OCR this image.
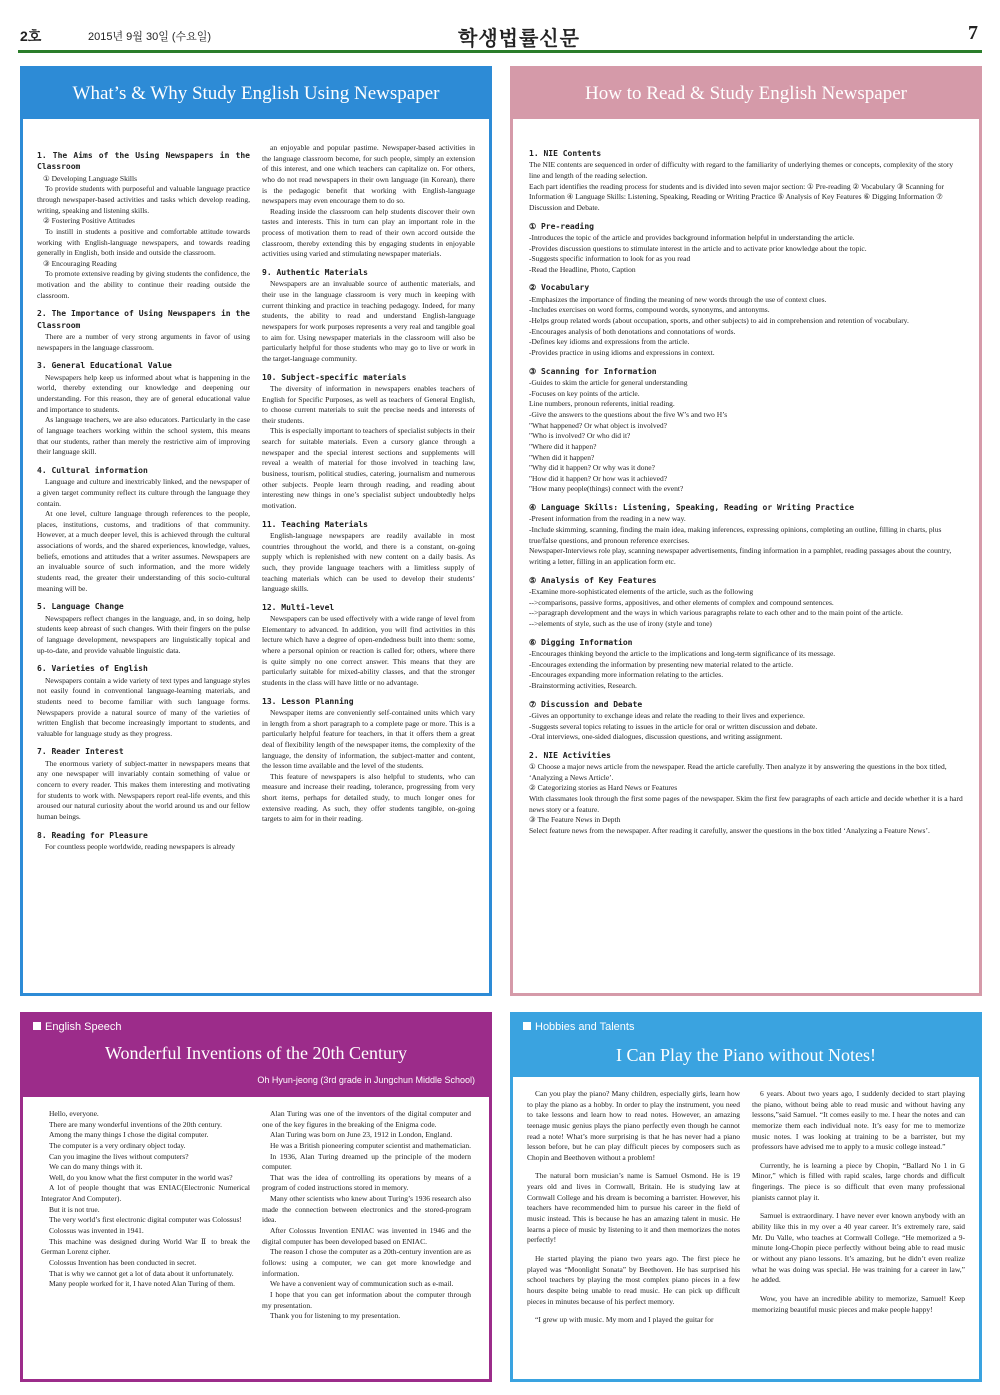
2호	2015년 9월 30일 (수요일)	학생법률신문	7
What’s & Why Study English Using Newspaper
1. The Aims of the Using Newspapers in the Classroom

① Developing Language Skills

To provide students with purposeful and valuable language practice through newspaper-based activities and tasks which develop reading, writing, speaking and listening skills.

② Fostering Positive Attitudes

To instill in students a positive and comfortable attitude towards working with English-language newspapers, and towards reading generally in English, both inside and outside the classroom.

③ Encouraging Reading

To promote extensive reading by giving students the confidence, the motivation and the ability to continue their reading outside the classroom.

2. The Importance of Using Newspapers in the Classroom

There are a number of very strong arguments in favor of using newspapers in the language classroom.

3. General Educational Value

Newspapers help keep us informed about what is happening in the world, thereby extending our knowledge and deepening our understanding. For this reason, they are of general educational value and importance to students.

As language teachers, we are also educators. Particularly in the case of language teachers working within the school system, this means that our students, rather than merely the restrictive aim of improving their language skill.

4. Cultural information

Language and culture and inextricably linked, and the newspaper of a given target community reflect its culture through the language they contain.

At one level, culture language through references to the people, places, institutions, customs, and traditions of that community. However, at a much deeper level, this is achieved through the cultural associations of words, and the shared experiences, knowledge, values, beliefs, emotions and attitudes that a writer assumes. Newspapers are an invaluable source of such information, and the more widely students read, the greater their understanding of this socio-cultural meaning will be.

5. Language Change

Newspapers reflect changes in the language, and, in so doing, help students keep abreast of such changes. With their fingers on the pulse of language development, newspapers are linguistically topical and up-to-date, and provide valuable linguistic data.

6. Varieties of English

Newspapers contain a wide variety of text types and language styles not easily found in conventional language-learning materials, and students need to become familiar with such language forms. Newspapers provide a natural source of many of the varieties of written English that become increasingly important to students, and valuable for language study as they progress.

7. Reader Interest

The enormous variety of subject-matter in newspapers means that any one newspaper will invariably contain something of value or concern to every reader. This makes them interesting and motivating for students to work with. Newspapers report real-life events, and this aroused our natural curiosity about the world around us and our fellow human beings.

8. Reading for Pleasure

For countless people worldwide, reading newspapers is already

an enjoyable and popular pastime. Newspaper-based activities in the language classroom become, for such people, simply an extension of this interest, and one which teachers can capitalize on. For others, who do not read newspapers in their own language (in Korean), there is the pedagogic benefit that working with English-language newspapers may even encourage them to do so.

Reading inside the classroom can help students discover their own tastes and interests. This in turn can play an important role in the process of motivation them to read of their own accord outside the classroom, thereby extending this by engaging students in enjoyable activities using varied and stimulating newspaper materials.

9. Authentic Materials

Newspapers are an invaluable source of authentic materials, and their use in the language classroom is very much in keeping with current thinking and practice in teaching pedagogy. Indeed, for many students, the ability to read and understand English-language newspapers for work purposes represents a very real and tangible goal to aim for. Using newspaper materials in the classroom will also be particularly helpful for those students who may go to live or work in the target-language community.

10. Subject-specific materials

The diversity of information in newspapers enables teachers of English for Specific Purposes, as well as teachers of General English, to choose current materials to suit the precise needs and interests of their students.

This is especially important to teachers of specialist subjects in their search for suitable materials. Even a cursory glance through a newspaper and the special interest sections and supplements will reveal a wealth of material for those involved in teaching law, business, tourism, political studies, catering, journalism and numerous other subjects. People learn through reading, and reading about interesting new things in one’s specialist subject undoubtedly helps motivation.

11. Teaching Materials

English-language newspapers are readily available in most countries throughout the world, and there is a constant, on-going supply which is replenished with new content on a daily basis. As such, they provide language teachers with a limitless supply of teaching materials which can be used to develop their students’ language skills.

12. Multi-level

Newspapers can be used effectively with a wide range of level from Elementary to advanced. In addition, you will find activities in this lecture which have a degree of open-endedness built into them: some, where a personal opinion or reaction is called for; others, where there is quite simply no one correct answer. This means that they are particularly suitable for mixed-ability classes, and that the stronger students in the class will have little or no advantage.

13. Lesson Planning

Newspaper items are conveniently self-contained units which vary in length from a short paragraph to a complete page or more. This is a particularly helpful feature for teachers, in that it offers them a great deal of flexibility length of the newspaper items, the complexity of the language, the density of information, the subject-matter and content, the lesson time available and the level of the students.

This feature of newspapers is also helpful to students, who can measure and increase their reading, tolerance, progressing from very short items, perhaps for detailed study, to much longer ones for extensive reading. As such, they offer students tangible, on-going targets to aim for in their reading.

How to Read & Study English Newspaper
1. NIE Contents

The NIE contents are sequenced in order of difficulty with regard to the familiarity of underlying themes or concepts, complexity of the story line and length of the reading selection.

Each part identifies the reading process for students and is divided into seven major section: ① Pre-reading ② Vocabulary ③ Scanning for Information ④ Language Skills: Listening, Speaking, Reading or Writing Practice ⑤ Analysis of Key Features ⑥ Digging Information ⑦ Discussion and Debate.

① Pre-reading

-Introduces the topic of the article and provides background information helpful in understanding the article.

-Provides discussion questions to stimulate interest in the article and to activate prior knowledge about the topic.

-Suggests specific information to look for as you read

-Read the Headline, Photo, Caption

② Vocabulary

-Emphasizes the importance of finding the meaning of new words through the use of context clues.

-Includes exercises on word forms, compound words, synonyms, and antonyms.

-Helps group related words (about occupation, sports, and other subjects) to aid in comprehension and retention of vocabulary.

-Encourages analysis of both denotations and connotations of words.

-Defines key idioms and expressions from the article.

-Provides practice in using idioms and expressions in context.

③ Scanning for Information

-Guides to skim the article for general understanding

-Focuses on key points of the article.

Line numbers, pronoun referents, initial reading.

-Give the answers to the questions about the five W’s and two H’s

"What happened? Or what object is involved?

"Who is involved? Or who did it?

"Where did it happen?

"When did it happen?

"Why did it happen? Or why was it done?

"How did it happen? Or how was it achieved?

"How many people(things) connect with the event?

④ Language Skills: Listening, Speaking, Reading or Writing Practice

-Present information from the reading in a new way.

-Include skimming, scanning, finding the main idea, making inferences, expressing opinions, completing an outline, filling in charts, plus true/false questions, and pronoun reference exercises.

Newspaper-Interviews role play, scanning newspaper advertisements, finding information in a pamphlet, reading passages about the country, writing a letter, filling in an application form etc.

⑤ Analysis of Key Features

-Examine more-sophisticated elements of the article, such as the following

-->comparisons, passive forms, appositives, and other elements of complex and compound sentences.

-->paragraph development and the ways in which various paragraphs relate to each other and to the main point of the article.

-->elements of style, such as the use of irony (style and tone)

⑥ Digging Information

-Encourages thinking beyond the article to the implications and long-term significance of its message.

-Encourages extending the information by presenting new material related to the article.

-Encourages expanding more information relating to the articles.

-Brainstorming activities, Research.

⑦ Discussion and Debate

-Gives an opportunity to exchange ideas and relate the reading to their lives and experience.

-Suggests several topics relating to issues in the article for oral or written discussion and debate.

-Oral interviews, one-sided dialogues, discussion questions, and writing assignment.

2. NIE Activities

① Choose a major news article from the newspaper. Read the article carefully. Then analyze it by answering the questions in the box titled, ‘Analyzing a News Article’.

② Categorizing stories as Hard News or Features

With classmates look through the first some pages of the newspaper. Skim the first few paragraphs of each article and decide whether it is a hard news story or a feature.

③ The Feature News in Depth

Select feature news from the newspaper. After reading it carefully, answer the questions in the box titled ‘Analyzing a Feature News’.

English Speech
Wonderful Inventions of the 20th Century
Oh Hyun-jeong (3rd grade in Jungchun Middle School)

Hello, everyone.

There are many wonderful inventions of the 20th century.

Among the many things I chose the digital computer.

The computer is a very ordinary object today.

Can you imagine the lives without computers?

We can do many things with it.

Well, do you know what the first computer in the world was?

A lot of people thought that was ENIAC(Electronic Numerical Integrator And Computer).

But it is not true.

The very world’s first electronic digital computer was Colossus!

Colossus was invented in 1941.

This machine was designed during World War Ⅱ to break the German Lorenz cipher.

Colossus Invention has been conducted in secret.

That is why we cannot get a lot of data about it unfortunately.

Many people worked for it, I have noted Alan Turing of them.

Alan Turing was one of the inventors of the digital computer and one of the key figures in the breaking of the Enigma code.

Alan Turing was born on June 23, 1912 in London, England.

He was a British pioneering computer scientist and mathematician.

In 1936, Alan Turing dreamed up the principle of the modern computer.

That was the idea of controlling its operations by means of a program of coded instructions stored in memory.

Many other scientists who knew about Turing’s 1936 research also made the connection between electronics and the stored-program idea.

After Colossus Invention ENIAC was invented in 1946 and the digital computer has been developed based on ENIAC.

The reason I chose the computer as a 20th-century invention are as follows: using a computer, we can get more knowledge and information.

We have a convenient way of communication such as e-mail.

I hope that you can get information about the computer through my presentation.

Thank you for listening to my presentation.

Hobbies and Talents
I Can Play the Piano without Notes!

Can you play the piano? Many children, especially girls, learn how to play the piano as a hobby. In order to play the instrument, you need to take lessons and learn how to read notes. However, an amazing teenage music genius plays the piano perfectly even though he cannot read a note! What’s more surprising is that he has never had a piano lesson before, but he can play difficult pieces by composers such as Chopin and Beethoven without a problem!

The natural born musician’s name is Samuel Osmond. He is 19 years old and lives in Cornwall, Britain. He is studying law at Cornwall College and his dream is becoming a barrister. However, his teachers have recommended him to pursue his career in the field of music instead. This is because he has an amazing talent in music. He learns a piece of music by listening to it and then memorizes the notes perfectly!

He started playing the piano two years ago. The first piece he played was “Moonlight Sonata” by Beethoven. He has surprised his school teachers by playing the most complex piano pieces in a few hours despite being unable to read music. He can pick up difficult pieces in minutes because of his perfect memory.

“I grew up with music. My mom and I played the guitar for

6 years. About two years ago, I suddenly decided to start playing the piano, without being able to read music and without having any lessons,”said Samuel. “It comes easily to me. I hear the notes and can memorize them each individual note. It’s easy for me to memorize music notes. I was looking at training to be a barrister, but my professors have advised me to apply to a music college instead.”

Currently, he is learning a piece by Chopin, “Ballard No 1 in G Minor,” which is filled with rapid scales, large chords and difficult fingerings. The piece is so difficult that even many professional pianists cannot play it.

Samuel is extraordinary. I have never ever known anybody with an ability like this in my over a 40 year career. It’s extremely rare, said Mr. Du Valle, who teaches at Cornwall College. “He memorized a 9-minute long-Chopin piece perfectly without being able to read music or without any piano lessons. It’s amazing, but he didn’t even realize what he was doing was special. He was training for a career in law,” he added.

Wow, you have an incredible ability to memorize, Samuel! Keep memorizing beautiful music pieces and make people happy!
